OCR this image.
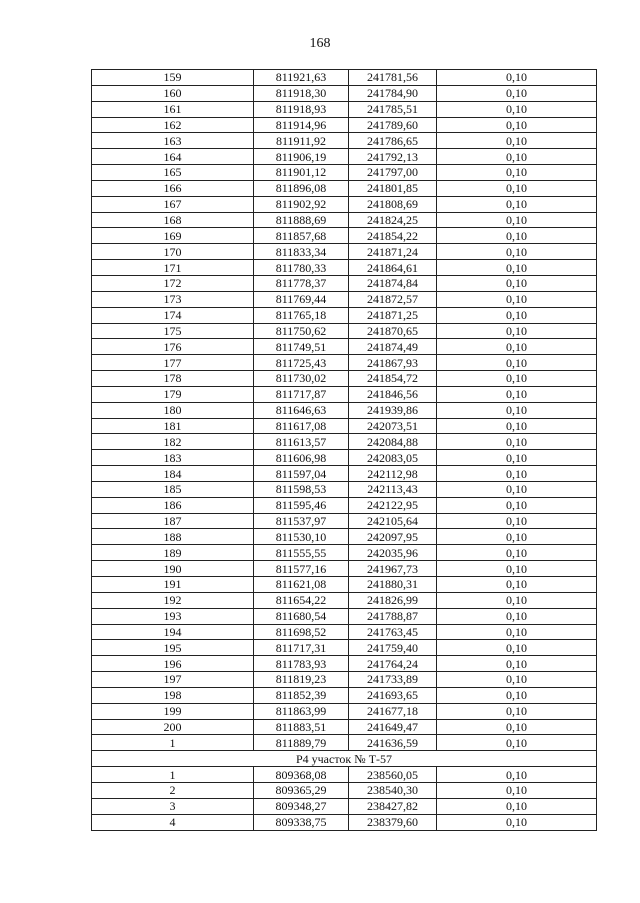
168
159	811921,63	241781,56	0,10
160	811918,30	241784,90	0,10
161	811918,93	241785,51	0,10
162	811914,96	241789,60	0,10
163	811911,92	241786,65	0,10
164	811906,19	241792,13	0,10
165	811901,12	241797,00	0,10
166	811896,08	241801,85	0,10
167	811902,92	241808,69	0,10
168	811888,69	241824,25	0,10
169	811857,68	241854,22	0,10
170	811833,34	241871,24	0,10
171	811780,33	241864,61	0,10
172	811778,37	241874,84	0,10
173	811769,44	241872,57	0,10
174	811765,18	241871,25	0,10
175	811750,62	241870,65	0,10
176	811749,51	241874,49	0,10
177	811725,43	241867,93	0,10
178	811730,02	241854,72	0,10
179	811717,87	241846,56	0,10
180	811646,63	241939,86	0,10
181	811617,08	242073,51	0,10
182	811613,57	242084,88	0,10
183	811606,98	242083,05	0,10
184	811597,04	242112,98	0,10
185	811598,53	242113,43	0,10
186	811595,46	242122,95	0,10
187	811537,97	242105,64	0,10
188	811530,10	242097,95	0,10
189	811555,55	242035,96	0,10
190	811577,16	241967,73	0,10
191	811621,08	241880,31	0,10
192	811654,22	241826,99	0,10
193	811680,54	241788,87	0,10
194	811698,52	241763,45	0,10
195	811717,31	241759,40	0,10
196	811783,93	241764,24	0,10
197	811819,23	241733,89	0,10
198	811852,39	241693,65	0,10
199	811863,99	241677,18	0,10
200	811883,51	241649,47	0,10
1	811889,79	241636,59	0,10
Р4 участок № Т-57			
1	809368,08	238560,05	0,10
2	809365,29	238540,30	0,10
3	809348,27	238427,82	0,10
4	809338,75	238379,60	0,10
